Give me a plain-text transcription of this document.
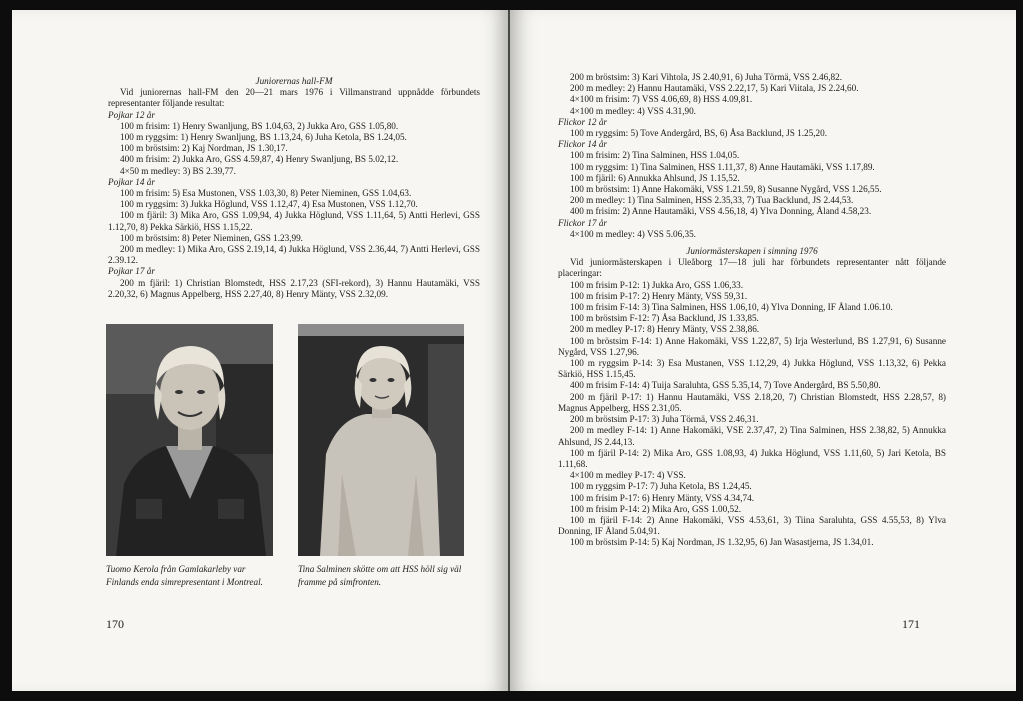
Juniorernas hall-FM

Vid juniorernas hall-FM den 20—21 mars 1976 i Villmanstrand uppnådde förbundets representanter följande resultat:

Pojkar 12 år

100 m frisim: 1) Henry Swanljung, BS 1.04,63, 2) Jukka Aro, GSS 1.05,80.

100 m ryggsim: 1) Henry Swanljung, BS 1.13,24, 6) Juha Ketola, BS 1.24,05.

100 m bröstsim: 2) Kaj Nordman, JS 1.30,17.

400 m frisim: 2) Jukka Aro, GSS 4.59,87, 4) Henry Swanljung, BS 5.02,12.

4×50 m medley: 3) BS 2.39,77.

Pojkar 14 år

100 m frisim: 5) Esa Mustonen, VSS 1.03,30, 8) Peter Nieminen, GSS 1.04,63.

100 m ryggsim: 3) Jukka Höglund, VSS 1.12,47, 4) Esa Mustonen, VSS 1.12,70.

100 m fjäril: 3) Mika Aro, GSS 1.09,94, 4) Jukka Höglund, VSS 1.11,64, 5) Antti Herlevi, GSS 1.12,70, 8) Pekka Särkiö, HSS 1.15,22.

100 m bröstsim: 8) Peter Nieminen, GSS 1.23,99.

200 m medley: 1) Mika Aro, GSS 2.19,14, 4) Jukka Höglund, VSS 2.36,44, 7) Antti Herlevi, GSS 2.39.12.

Pojkar 17 år

200 m fjäril: 1) Christian Blomstedt, HSS 2.17,23 (SFI-rekord), 3) Hannu Hautamäki, VSS 2.20,32, 6) Magnus Appelberg, HSS 2.27,40, 8) Henry Mänty, VSS 2.32,09.

Tuomo Kerola från Gamlakarleby var Finlands enda simrepresentant i Montreal.
Tina Salminen skötte om att HSS höll sig väl framme på simfronten.
170

200 m bröstsim: 3) Kari Vihtola, JS 2.40,91, 6) Juha Törmä, VSS 2.46,82.

200 m medley: 2) Hannu Hautamäki, VSS 2.22,17, 5) Kari Viitala, JS 2.24,60.

4×100 m frisim: 7) VSS 4.06,69, 8) HSS 4.09,81.

4×100 m medley: 4) VSS 4.31,90.

Flickor 12 år

100 m ryggsim: 5) Tove Andergård, BS, 6) Åsa Backlund, JS 1.25,20.

Flickor 14 år

100 m frisim: 2) Tina Salminen, HSS 1.04,05.

100 m ryggsim: 1) Tina Salminen, HSS 1.11,37, 8) Anne Hautamäki, VSS 1.17,89.

100 m fjäril: 6) Annukka Ahlsund, JS 1.15,52.

100 m bröstsim: 1) Anne Hakomäki, VSS 1.21.59, 8) Susanne Nygård, VSS 1.26,55.

200 m medley: 1) Tina Salminen, HSS 2.35,33, 7) Tua Backlund, JS 2.44,53.

400 m frisim: 2) Anne Hautamäki, VSS 4.56,18, 4) Ylva Donning, Åland 4.58,23.

Flickor 17 år

4×100 m medley: 4) VSS 5.06,35.

Juniormästerskapen i simning 1976

Vid juniormästerskapen i Uleåborg 17—18 juli har förbundets representanter nått följande placeringar:

100 m frisim P-12: 1) Jukka Aro, GSS 1.06,33.

100 m frisim P-17: 2) Henry Mänty, VSS 59,31.

100 m frisim F-14: 3) Tina Salminen, HSS 1.06,10, 4) Ylva Donning, IF Åland 1.06.10.

100 m bröstsim F-12: 7) Åsa Backlund, JS 1.33,85.

200 m medley P-17: 8) Henry Mänty, VSS 2.38,86.

100 m bröstsim F-14: 1) Anne Hakomäki, VSS 1.22,87, 5) Irja Westerlund, BS 1.27,91, 6) Susanne Nygård, VSS 1.27,96.

100 m ryggsim P-14: 3) Esa Mustanen, VSS 1.12,29, 4) Jukka Höglund, VSS 1.13,32, 6) Pekka Särkiö, HSS 1.15,45.

400 m frisim F-14: 4) Tuija Saraluhta, GSS 5.35,14, 7) Tove Andergård, BS 5.50,80.

200 m fjäril P-17: 1) Hannu Hautamäki, VSS 2.18,20, 7) Christian Blomstedt, HSS 2.28,57, 8) Magnus Appelberg, HSS 2.31,05.

200 m bröstsim P-17: 3) Juha Törmä, VSS 2.46,31.

200 m medley F-14: 1) Anne Hakomäki, VSE 2.37,47, 2) Tina Salminen, HSS 2.38,82, 5) Annukka Ahlsund, JS 2.44,13.

100 m fjäril P-14: 2) Mika Aro, GSS 1.08,93, 4) Jukka Höglund, VSS 1.11,60, 5) Jari Ketola, BS 1.11,68.

4×100 m medley P-17: 4) VSS.

100 m ryggsim P-17: 7) Juha Ketola, BS 1.24,45.

100 m frisim P-17: 6) Henry Mänty, VSS 4.34,74.

100 m frisim P-14: 2) Mika Aro, GSS 1.00,52.

100 m fjäril F-14: 2) Anne Hakomäki, VSS 4.53,61, 3) Tiina Saraluhta, GSS 4.55,53, 8) Ylva Donning, IF Åland 5.04,91.

100 m bröstsim P-14: 5) Kaj Nordman, JS 1.32,95, 6) Jan Wasastjerna, JS 1.34,01.

171
